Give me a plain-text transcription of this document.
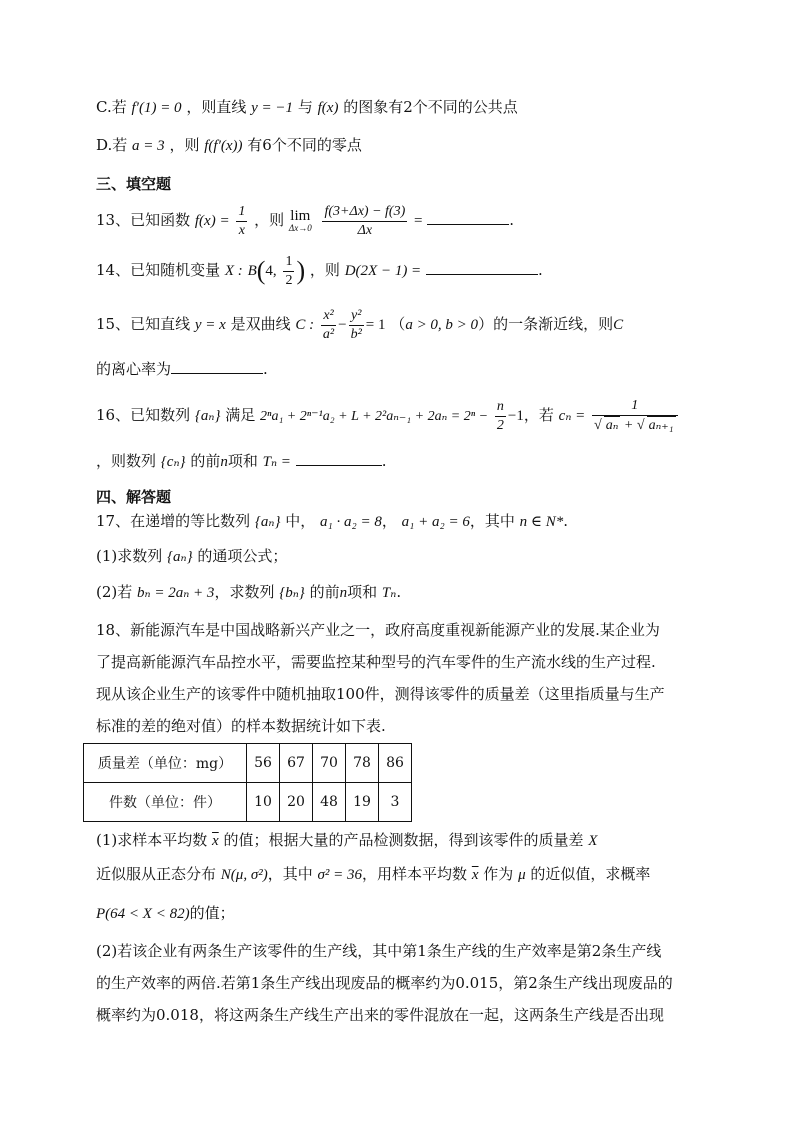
C.若 f′(1) = 0 ，则直线 y = −1 与 f(x) 的图象有2个不同的公共点
D.若 a = 3 ，则 f(f′(x)) 有6个不同的零点
三、填空题
13、已知函数 $f(x) = \frac{1}{x}$ ，则 lim
Δx→0
$\frac{f(3+\Delta x) - f(3)}{\Delta x}$ =	.
14、已知随机变量 X : B(4, $\frac{1}{2}$ ) ，则 D(2X − 1) =	.
15、已知直线 y = x 是双曲线 C : $\frac{\text{x²}}{\text{a²}} - \frac{\text{y²}}{\text{b²}} = 1$ （a > 0, b > 0）的一条渐近线，则C
的离心率为	.
16、已知数列 {aₙ} 满足 $2^na_1 + 2^{n-1}a_2 + L + 2^2a_{n-1} + 2a_n = 2^n - \frac{n}{2} -1$，若 $c_n = \frac{1}{\text{√ aₙ + √ aₙ₊₁}}$
，则数列 {cₙ} 的前n项和 Tₙ =	.
四、解答题
17、在递增的等比数列 {aₙ} 中， a₁ · a₂ = 8， a₁ + a₂ = 6，其中 n ∈ N*.
(1)求数列 {aₙ} 的通项公式；
(2)若 bₙ = 2aₙ + 3，求数列 {bₙ} 的前n项和 Tₙ.
18、新能源汽车是中国战略新兴产业之一，政府高度重视新能源产业的发展.某企业为
了提高新能源汽车品控水平，需要监控某种型号的汽车零件的生产流水线的生产过程.
现从该企业生产的该零件中随机抽取100件，测得该零件的质量差（这里指质量与生产
标准的差的绝对值）的样本数据统计如下表.
质量差（单位：mg）	56	67	70	78	86
件数（单位：件）	10	20	48	19	3
(1)求样本平均数 $\overline{x}$ 的值；根据大量的产品检测数据，得到该零件的质量差 X
近似服从正态分布 N(μ, σ²)，其中 σ² = 36，用样本平均数 $\overline{x}$ 作为 μ 的近似值，求概率
P(64 < X < 82)的值；
(2)若该企业有两条生产该零件的生产线，其中第1条生产线的生产效率是第2条生产线
的生产效率的两倍.若第1条生产线出现废品的概率约为0.015，第2条生产线出现废品的
概率约为0.018，将这两条生产线生产出来的零件混放在一起，这两条生产线是否出现
